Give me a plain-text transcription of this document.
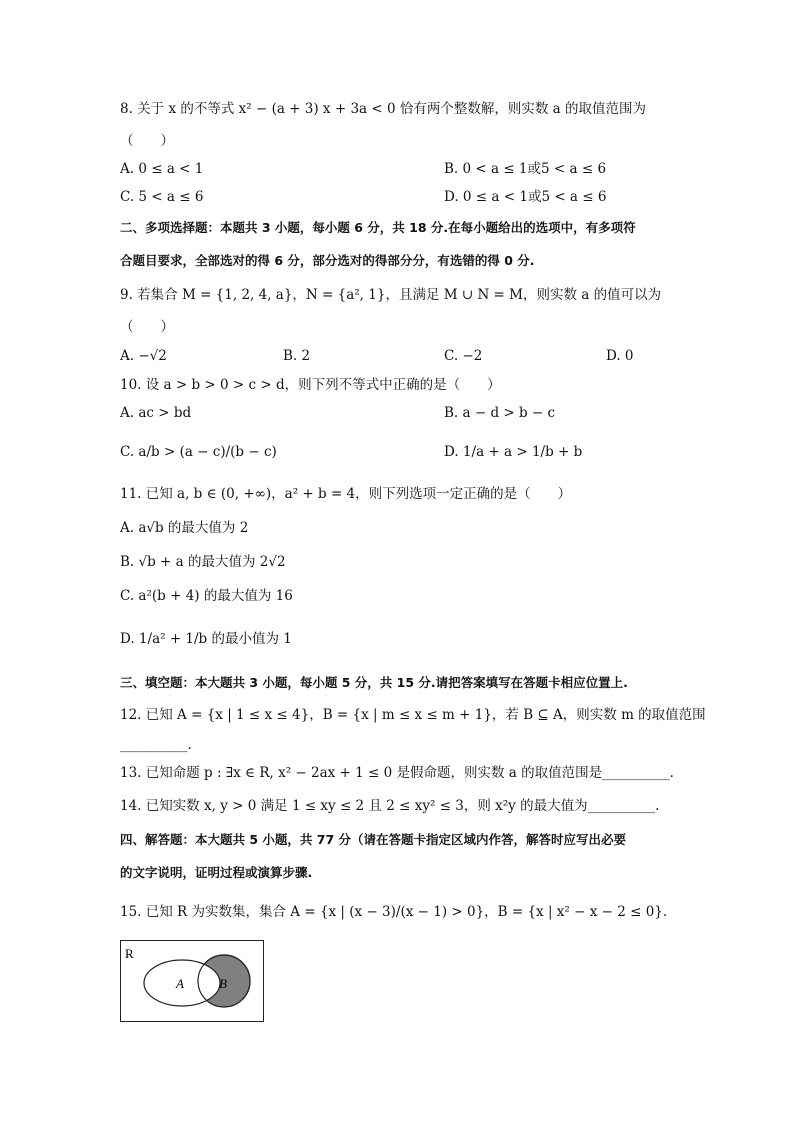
8. 关于 x 的不等式 x² − (a + 3) x + 3a < 0 恰有两个整数解，则实数 a 的取值范围为
（　　）
A. 0 ≤ a < 1	B. 0 < a ≤ 1或5 < a ≤ 6
C. 5 < a ≤ 6	D. 0 ≤ a < 1或5 < a ≤ 6
二、多项选择题：本题共 3 小题，每小题 6 分，共 18 分.在每小题给出的选项中，有多项符
合题目要求，全部选对的得 6 分，部分选对的得部分分，有选错的得 0 分.
9. 若集合 M = {1, 2, 4, a}，N = {a², 1}，且满足 M ∪ N = M，则实数 a 的值可以为
（　　）
A. −√2	B. 2	C. −2	D. 0
10. 设 a > b > 0 > c > d，则下列不等式中正确的是（　　）
A. ac > bd	B. a − d > b − c
C. a/b > (a − c)/(b − c)	D. 1/a + a > 1/b + b
11. 已知 a, b ∈ (0, +∞)，a² + b = 4，则下列选项一定正确的是（　　）
A. a√b 的最大值为 2
B. √b + a 的最大值为 2√2
C. a²(b + 4) 的最大值为 16
D. 1/a² + 1/b 的最小值为 1
三、填空题：本大题共 3 小题，每小题 5 分，共 15 分.请把答案填写在答题卡相应位置上.
12. 已知 A = {x | 1 ≤ x ≤ 4}，B = {x | m ≤ x ≤ m + 1}，若 B ⊆ A，则实数 m 的取值范围
__________.
13. 已知命题 p : ∃x ∈ R, x² − 2ax + 1 ≤ 0 是假命题，则实数 a 的取值范围是__________.
14. 已知实数 x, y > 0 满足 1 ≤ xy ≤ 2 且 2 ≤ xy² ≤ 3，则 x²y 的最大值为__________.
四、解答题：本大题共 5 小题，共 77 分（请在答题卡指定区域内作答，解答时应写出必要
的文字说明，证明过程或演算步骤.
15. 已知 R 为实数集，集合 A = {x | (x − 3)/(x − 1) > 0}，B = {x | x² − x − 2 ≤ 0}.
R
A	B
